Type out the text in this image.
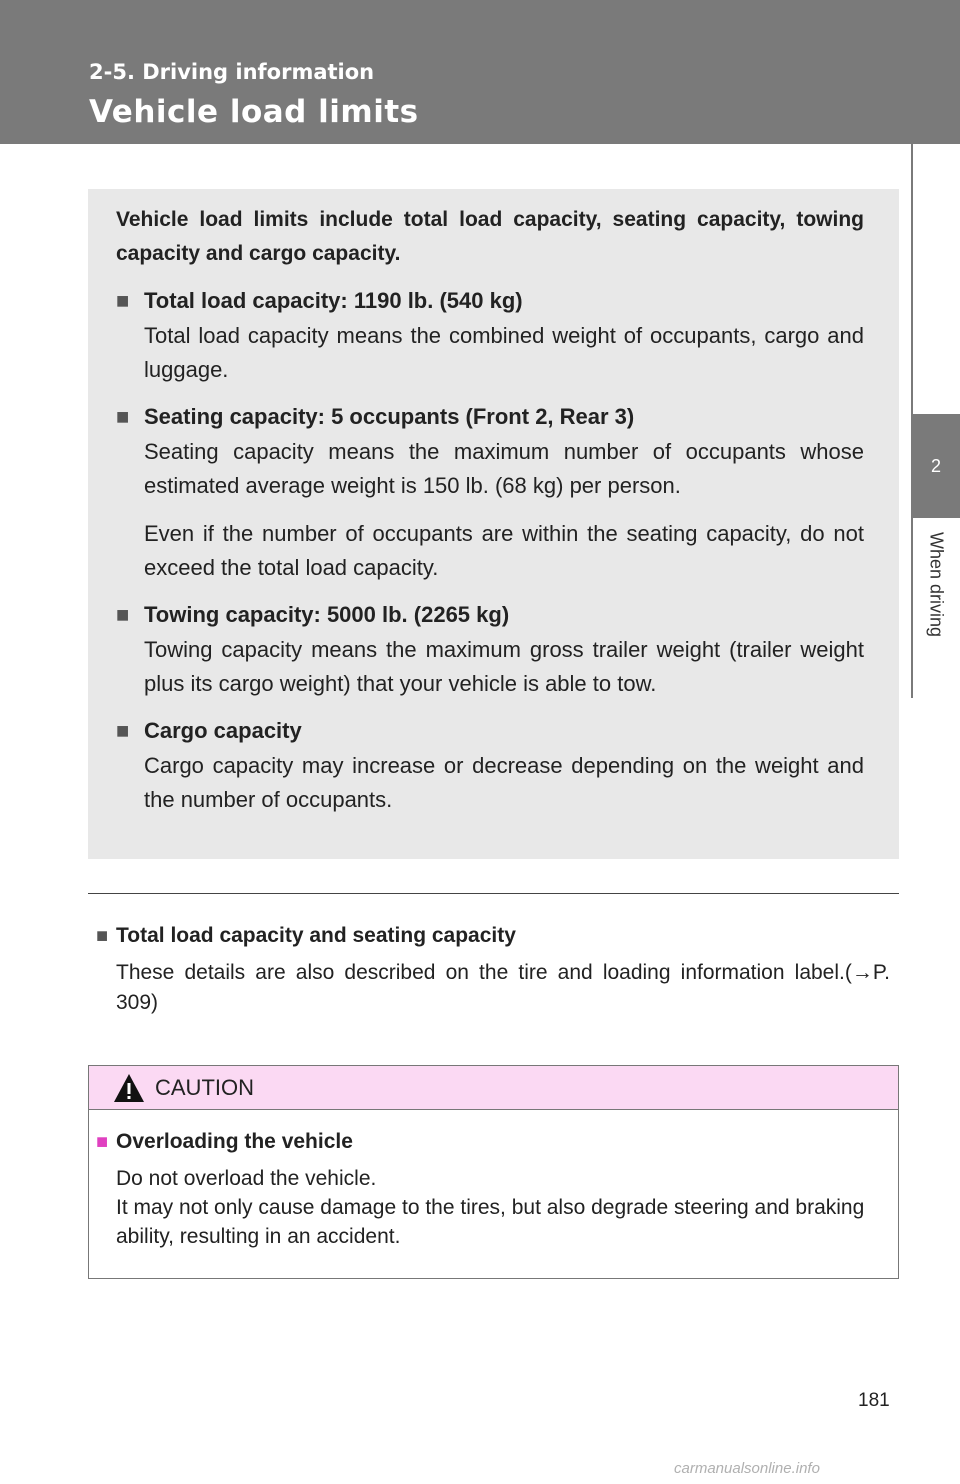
2-5. Driving information
Vehicle load limits
2
When driving

Vehicle load limits include total load capacity, seating capacity, towing capacity and cargo capacity.

■ Total load capacity: 1190 lb. (540 kg)
Total load capacity means the combined weight of occupants, cargo and luggage.
■ Seating capacity: 5 occupants (Front 2, Rear 3)
Seating capacity means the maximum number of occupants whose estimated average weight is 150 lb. (68 kg) per person.
Even if the number of occupants are within the seating capacity, do not exceed the total load capacity.
■ Towing capacity: 5000 lb. (2265 kg)
Towing capacity means the maximum gross trailer weight (trailer weight plus its cargo weight) that your vehicle is able to tow.
■ Cargo capacity
Cargo capacity may increase or decrease depending on the weight and the number of occupants.
■ Total load capacity and seating capacity
These details are also described on the tire and loading information label.(→P. 309)
CAUTION
■ Overloading the vehicle
Do not overload the vehicle.
It may not only cause damage to the tires, but also degrade steering and braking ability, resulting in an accident.
181
carmanualsonline.info
